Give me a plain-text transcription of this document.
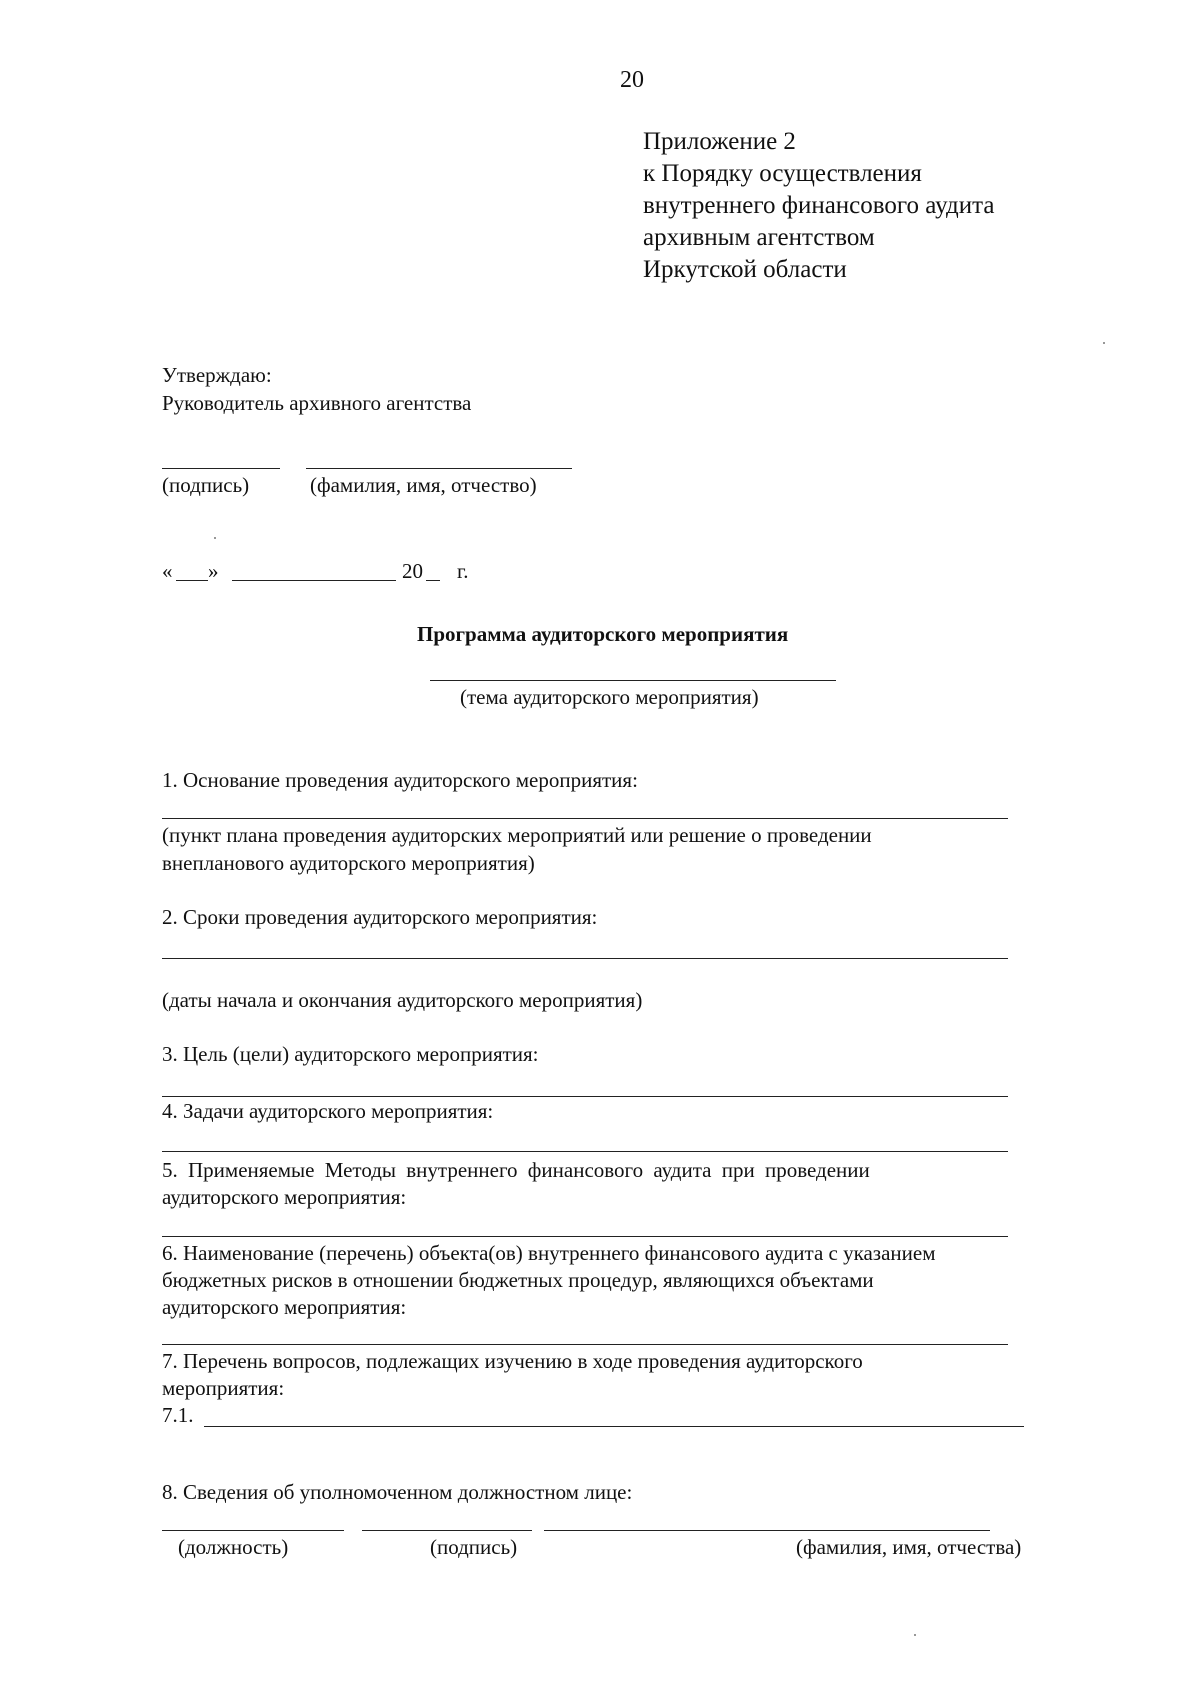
20
Приложение 2
к Порядку осуществления
внутреннего финансового аудита
архивным агентством
Иркутской области
Утверждаю:
Руководитель архивного агентства
(подпись)	(фамилия, имя, отчество)
« »	20 г.
Программа аудиторского мероприятия
(тема аудиторского мероприятия)
1. Основание проведения аудиторского мероприятия:
(пункт плана проведения аудиторских мероприятий или решение о проведении
внепланового аудиторского мероприятия)
2. Сроки проведения аудиторского мероприятия:
(даты начала и окончания аудиторского мероприятия)
3. Цель (цели) аудиторского мероприятия:
4. Задачи аудиторского мероприятия:
5. Применяемые Методы внутреннего финансового аудита при проведении
аудиторского мероприятия:
6. Наименование (перечень) объекта(ов) внутреннего финансового аудита с указанием
бюджетных рисков в отношении бюджетных процедур, являющихся объектами
аудиторского мероприятия:
7. Перечень вопросов, подлежащих изучению в ходе проведения аудиторского
мероприятия:
7.1.
8. Сведения об уполномоченном должностном лице:
(должность)	(подпись)	(фамилия, имя, отчества)
